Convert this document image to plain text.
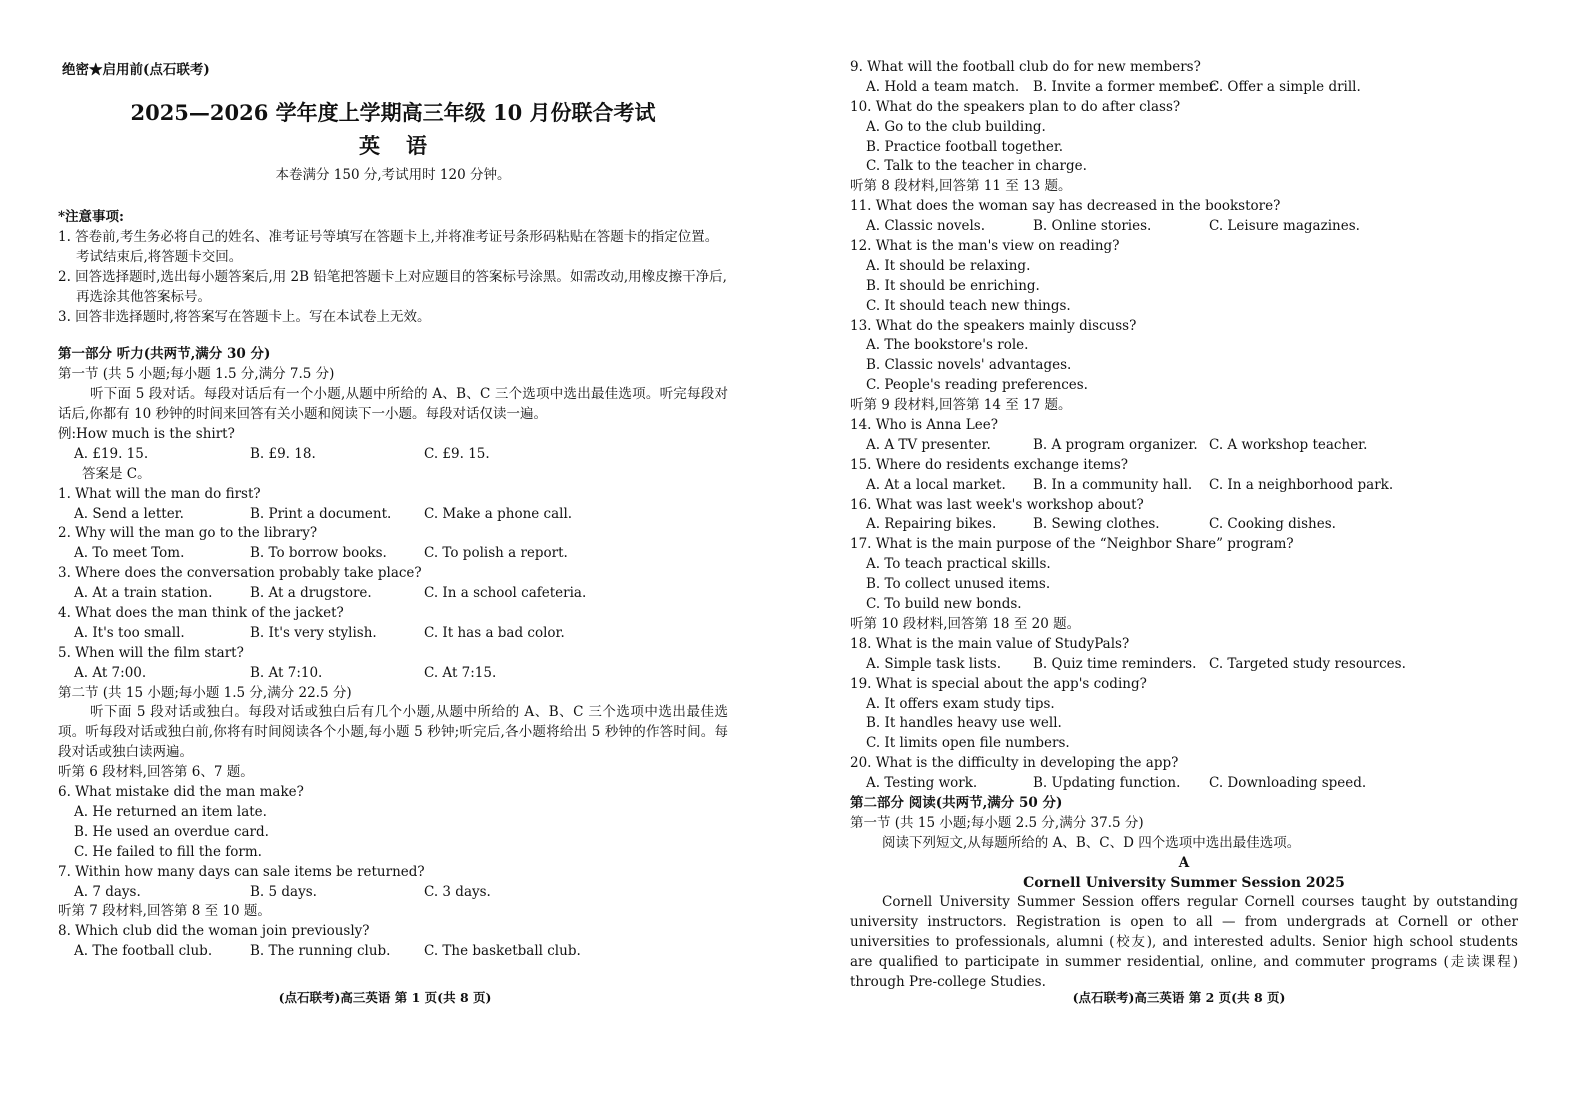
绝密★启用前(点石联考)
2025—2026 学年度上学期高三年级 10 月份联合考试
英语
本卷满分 150 分,考试用时 120 分钟。
*注意事项:
1. 答卷前,考生务必将自己的姓名、准考证号等填写在答题卡上,并将准考证号条形码粘贴在答题卡的指定位置。考试结束后,将答题卡交回。
2. 回答选择题时,选出每小题答案后,用 2B 铅笔把答题卡上对应题目的答案标号涂黑。如需改动,用橡皮擦干净后,再选涂其他答案标号。
3. 回答非选择题时,将答案写在答题卡上。写在本试卷上无效。
第一部分 听力(共两节,满分 30 分)
第一节 (共 5 小题;每小题 1.5 分,满分 7.5 分)
听下面 5 段对话。每段对话后有一个小题,从题中所给的 A、B、C 三个选项中选出最佳选项。听完每段对话后,你都有 10 秒钟的时间来回答有关小题和阅读下一小题。每段对话仅读一遍。
例:How much is the shirt?
A. £19. 15.	B. £9. 18.	C. £9. 15.
答案是 C。
1. What will the man do first?
A. Send a letter.	B. Print a document.	C. Make a phone call.
2. Why will the man go to the library?
A. To meet Tom.	B. To borrow books.	C. To polish a report.
3. Where does the conversation probably take place?
A. At a train station.	B. At a drugstore.	C. In a school cafeteria.
4. What does the man think of the jacket?
A. It's too small.	B. It's very stylish.	C. It has a bad color.
5. When will the film start?
A. At 7:00.	B. At 7:10.	C. At 7:15.
第二节 (共 15 小题;每小题 1.5 分,满分 22.5 分)
听下面 5 段对话或独白。每段对话或独白后有几个小题,从题中所给的 A、B、C 三个选项中选出最佳选项。听每段对话或独白前,你将有时间阅读各个小题,每小题 5 秒钟;听完后,各小题将给出 5 秒钟的作答时间。每段对话或独白读两遍。
听第 6 段材料,回答第 6、7 题。
6. What mistake did the man make?
A. He returned an item late.
B. He used an overdue card.
C. He failed to fill the form.
7. Within how many days can sale items be returned?
A. 7 days.	B. 5 days.	C. 3 days.
听第 7 段材料,回答第 8 至 10 题。
8. Which club did the woman join previously?
A. The football club.	B. The running club.	C. The basketball club.
(点石联考)高三英语 第 1 页(共 8 页)
9. What will the football club do for new members?
A. Hold a team match.	B. Invite a former member.
C. Offer a simple drill.
10. What do the speakers plan to do after class?
A. Go to the club building.
B. Practice football together.
C. Talk to the teacher in charge.
听第 8 段材料,回答第 11 至 13 题。
11. What does the woman say has decreased in the bookstore?
A. Classic novels.	B. Online stories.	C. Leisure magazines.
12. What is the man's view on reading?
A. It should be relaxing.
B. It should be enriching.
C. It should teach new things.
13. What do the speakers mainly discuss?
A. The bookstore's role.
B. Classic novels' advantages.
C. People's reading preferences.
听第 9 段材料,回答第 14 至 17 题。
14. Who is Anna Lee?
A. A TV presenter.	B. A program organizer. C. A workshop teacher.
15. Where do residents exchange items?
A. At a local market.	B. In a community hall.	C. In a neighborhood park.
16. What was last week's workshop about?
A. Repairing bikes.	B. Sewing clothes.	C. Cooking dishes.
17. What is the main purpose of the “Neighbor Share” program?
A. To teach practical skills.
B. To collect unused items.
C. To build new bonds.
听第 10 段材料,回答第 18 至 20 题。
18. What is the main value of StudyPals?
A. Simple task lists.	B. Quiz time reminders. C. Targeted study resources.
19. What is special about the app's coding?
A. It offers exam study tips.
B. It handles heavy use well.
C. It limits open file numbers.
20. What is the difficulty in developing the app?
A. Testing work.	B. Updating function.	C. Downloading speed.
第二部分 阅读(共两节,满分 50 分)
第一节 (共 15 小题;每小题 2.5 分,满分 37.5 分)
阅读下列短文,从每题所给的 A、B、C、D 四个选项中选出最佳选项。
A
Cornell University Summer Session 2025
Cornell University Summer Session offers regular Cornell courses taught by outstanding university instructors. Registration is open to all — from undergrads at Cornell or other universities to professionals, alumni (校友), and interested adults. Senior high school students are qualified to participate in summer residential, online, and commuter programs (走读课程) through Pre-college Studies.
(点石联考)高三英语 第 2 页(共 8 页)
